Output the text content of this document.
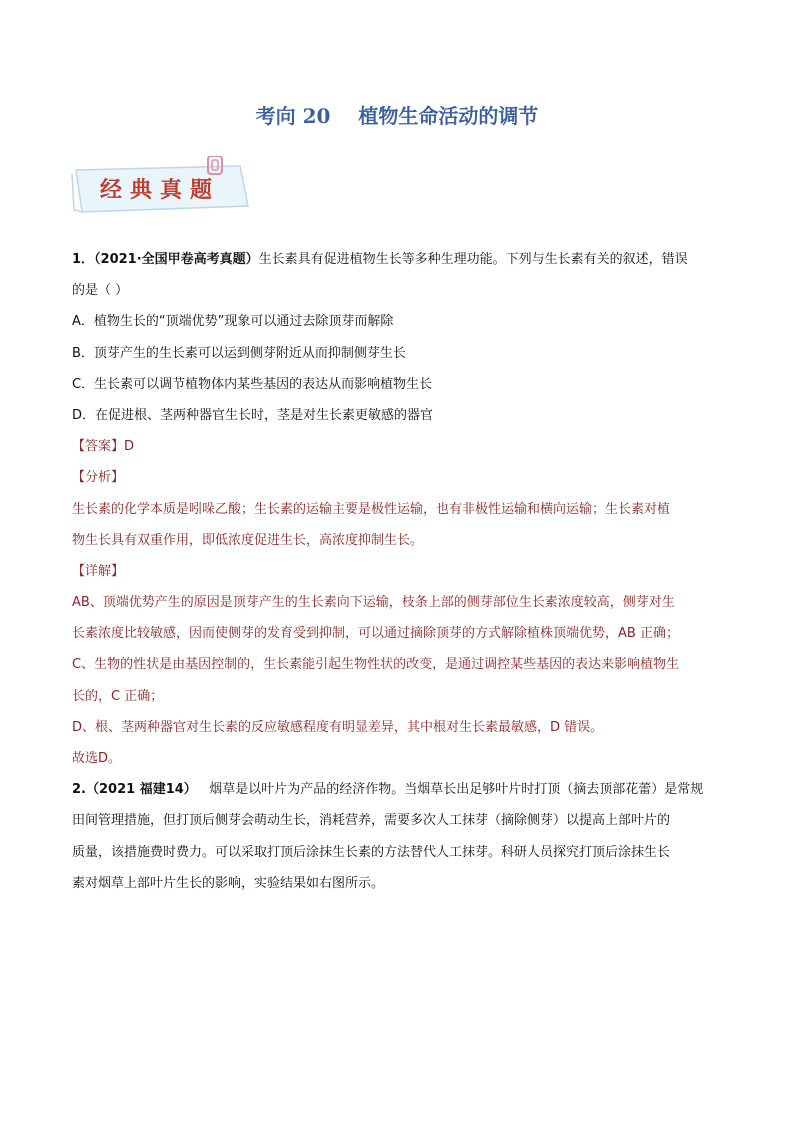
考向 20    植物生命活动的调节
经典真题
1．（2021·全国甲卷高考真题）生长素具有促进植物生长等多种生理功能。下列与生长素有关的叙述，错误
的是（ ）
A．植物生长的“顶端优势”现象可以通过去除顶芽而解除
B．顶芽产生的生长素可以运到侧芽附近从而抑制侧芽生长
C．生长素可以调节植物体内某些基因的表达从而影响植物生长
D．在促进根、茎两种器官生长时，茎是对生长素更敏感的器官
【答案】D
【分析】
生长素的化学本质是吲哚乙酸；生长素的运输主要是极性运输，也有非极性运输和横向运输；生长素对植
物生长具有双重作用，即低浓度促进生长，高浓度抑制生长。
【详解】
AB、顶端优势产生的原因是顶芽产生的生长素向下运输，枝条上部的侧芽部位生长素浓度较高，侧芽对生
长素浓度比较敏感，因而使侧芽的发育受到抑制，可以通过摘除顶芽的方式解除植株顶端优势，AB 正确；
C、生物的性状是由基因控制的，生长素能引起生物性状的改变，是通过调控某些基因的表达来影响植物生
长的，C 正确；
D、根、茎两种器官对生长素的反应敏感程度有明显差异，其中根对生长素最敏感，D 错误。
故选D。
2.（2021 福建14）   烟草是以叶片为产品的经济作物。当烟草长出足够叶片时打顶（摘去顶部花蕾）是常规
田间管理措施，但打顶后侧芽会萌动生长，消耗营养，需要多次人工抹芽（摘除侧芽）以提高上部叶片的
质量，该措施费时费力。可以采取打顶后涂抹生长素的方法替代人工抹芽。科研人员探究打顶后涂抹生长
素对烟草上部叶片生长的影响，实验结果如右图所示。
